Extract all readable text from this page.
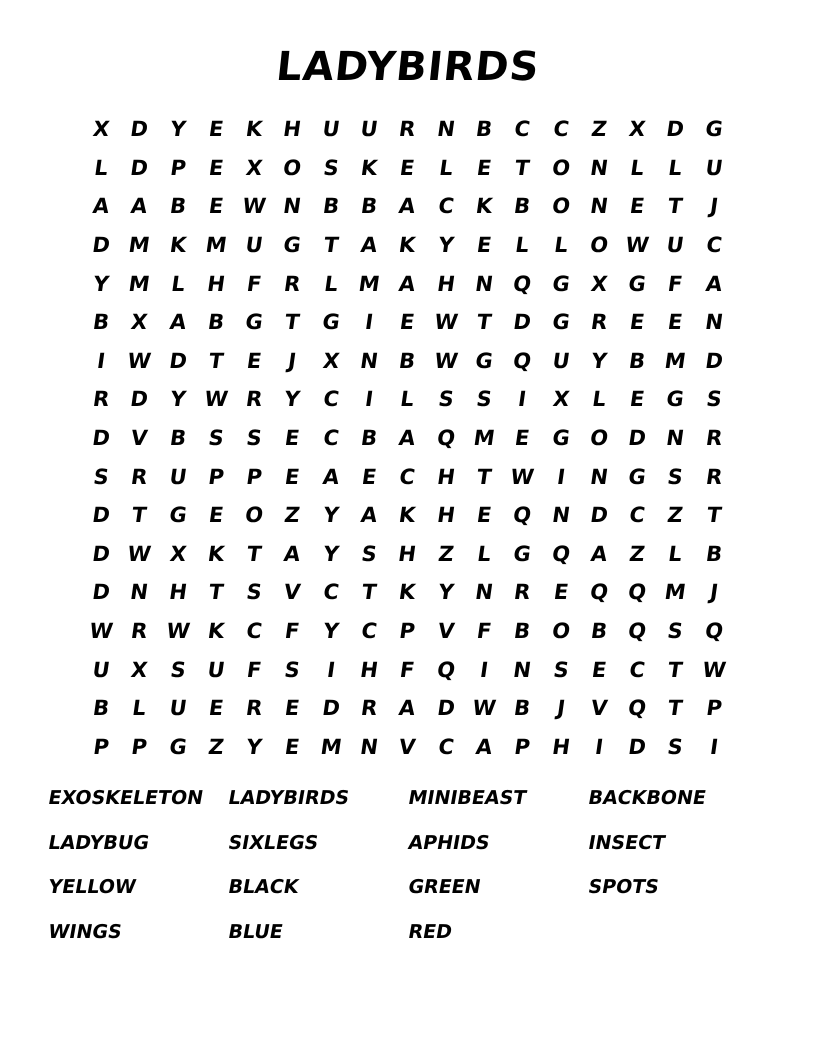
LADYBIRDS
X D Y E K H U U R N B C C Z X D G
L D P E X O S K E	L	E T O N L	L U
A A B E W N B B A C K B O N E T	J
D M K M U G T A K Y E	L	L O W U C
Y M L H F R L M A H N Q G X G F A
B X A B G T G	I	E W T D G R E E N
I W D T E	J	X N B W G Q U Y B M D
R D Y W R Y C	I	L S S	I	X L	E G S
D V B S S E C B A Q M E G O D N R
S R U P P E A E C H T W I	N G S R
D T G E O Z Y A K H E Q N D C Z T
D W X K T A Y S H Z L G Q A Z L B
D N H T S V C T K Y N R E Q Q M J
W R W K C F Y C P V F B O B Q S Q
U X S U F S	I	H F Q	I	N S E C T W
B L U E R E D R A D W B	J	V Q T P
P P G Z Y E M N V C A P H	I	D S	I
EXOSKELETON	LADYBIRDS	MINIBEAST	BACKBONE
LADYBUG	SIXLEGS	APHIDS	INSECT
YELLOW	BLACK	GREEN	SPOTS
WINGS	BLUE	RED
